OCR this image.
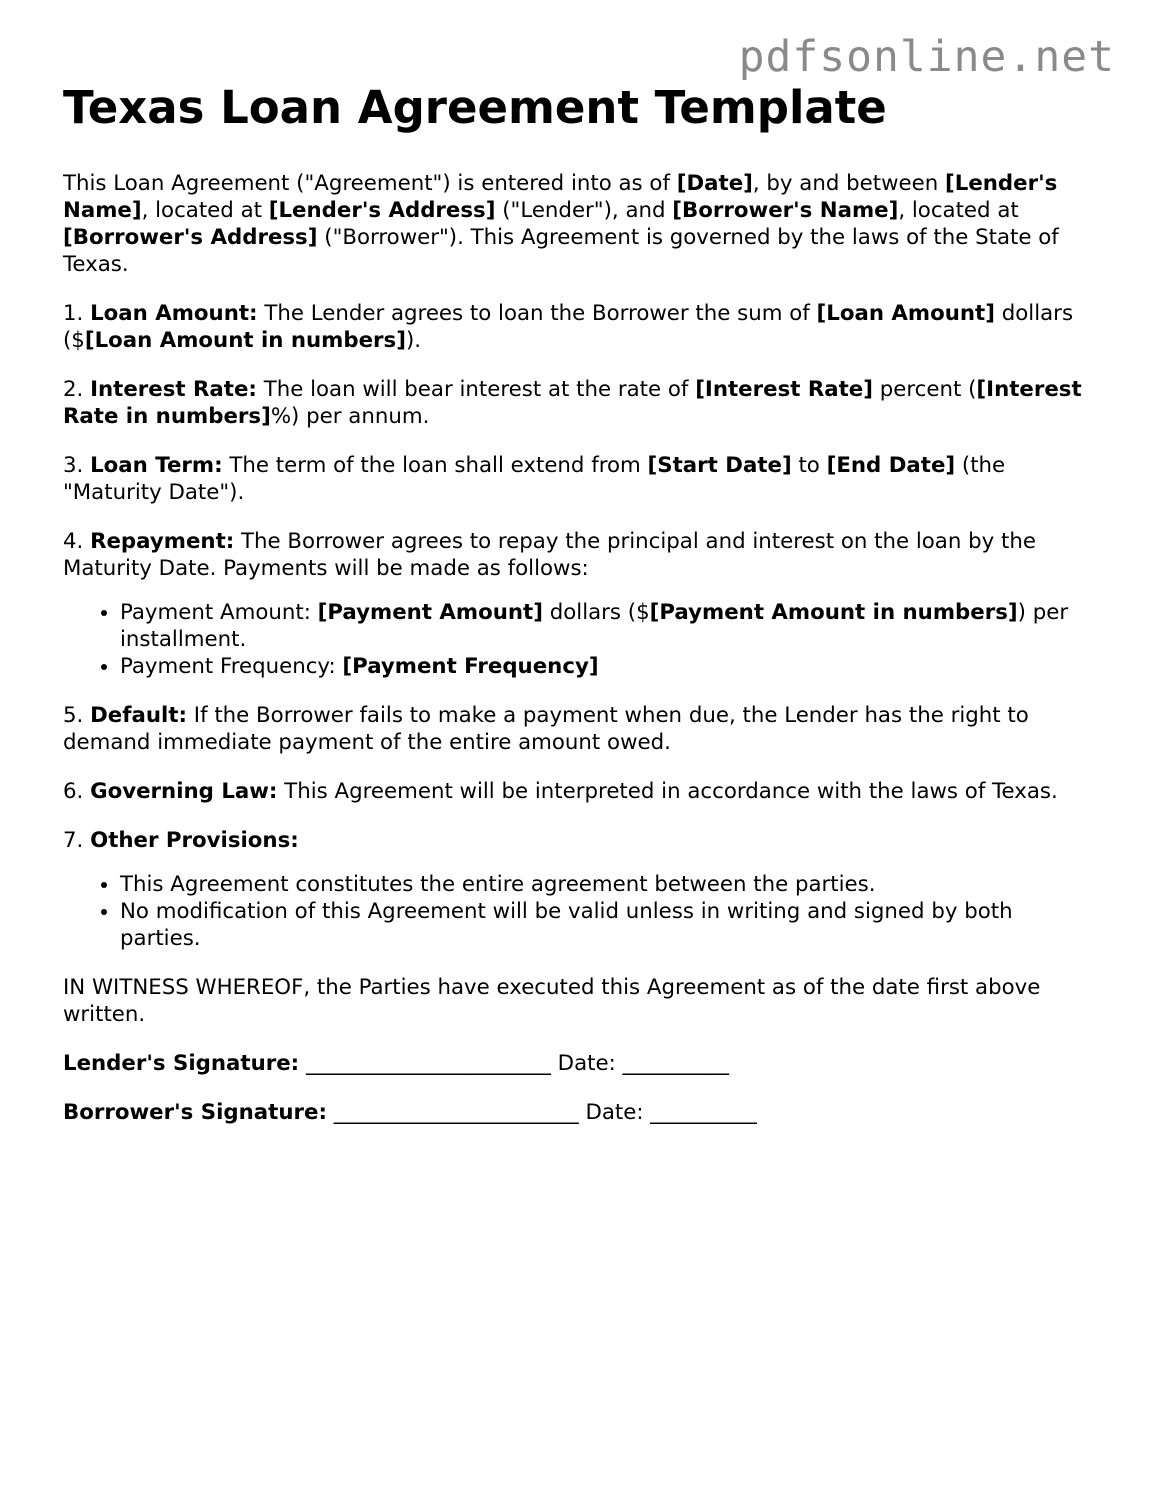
pdfsonline.net
Texas Loan Agreement Template

This Loan Agreement ("Agreement") is entered into as of [Date], by and between [Lender's Name], located at [Lender's Address] ("Lender"), and [Borrower's Name], located at [Borrower's Address] ("Borrower"). This Agreement is governed by the laws of the State of Texas.

1. Loan Amount: The Lender agrees to loan the Borrower the sum of [Loan Amount] dollars ($[Loan Amount in numbers]).

2. Interest Rate: The loan will bear interest at the rate of [Interest Rate] percent ([Interest Rate in numbers]%) per annum.

3. Loan Term: The term of the loan shall extend from [Start Date] to [End Date] (the "Maturity Date").

4. Repayment: The Borrower agrees to repay the principal and interest on the loan by the Maturity Date. Payments will be made as follows:

• Payment Amount: [Payment Amount] dollars ($[Payment Amount in numbers]) per installment.
• Payment Frequency: [Payment Frequency]

5. Default: If the Borrower fails to make a payment when due, the Lender has the right to demand immediate payment of the entire amount owed.

6. Governing Law: This Agreement will be interpreted in accordance with the laws of Texas.

7. Other Provisions:

• This Agreement constitutes the entire agreement between the parties.
• No modification of this Agreement will be valid unless in writing and signed by both parties.

IN WITNESS WHEREOF, the Parties have executed this Agreement as of the date first above written.

Lender's Signature: _______________________ Date: __________

Borrower's Signature: _______________________ Date: __________
